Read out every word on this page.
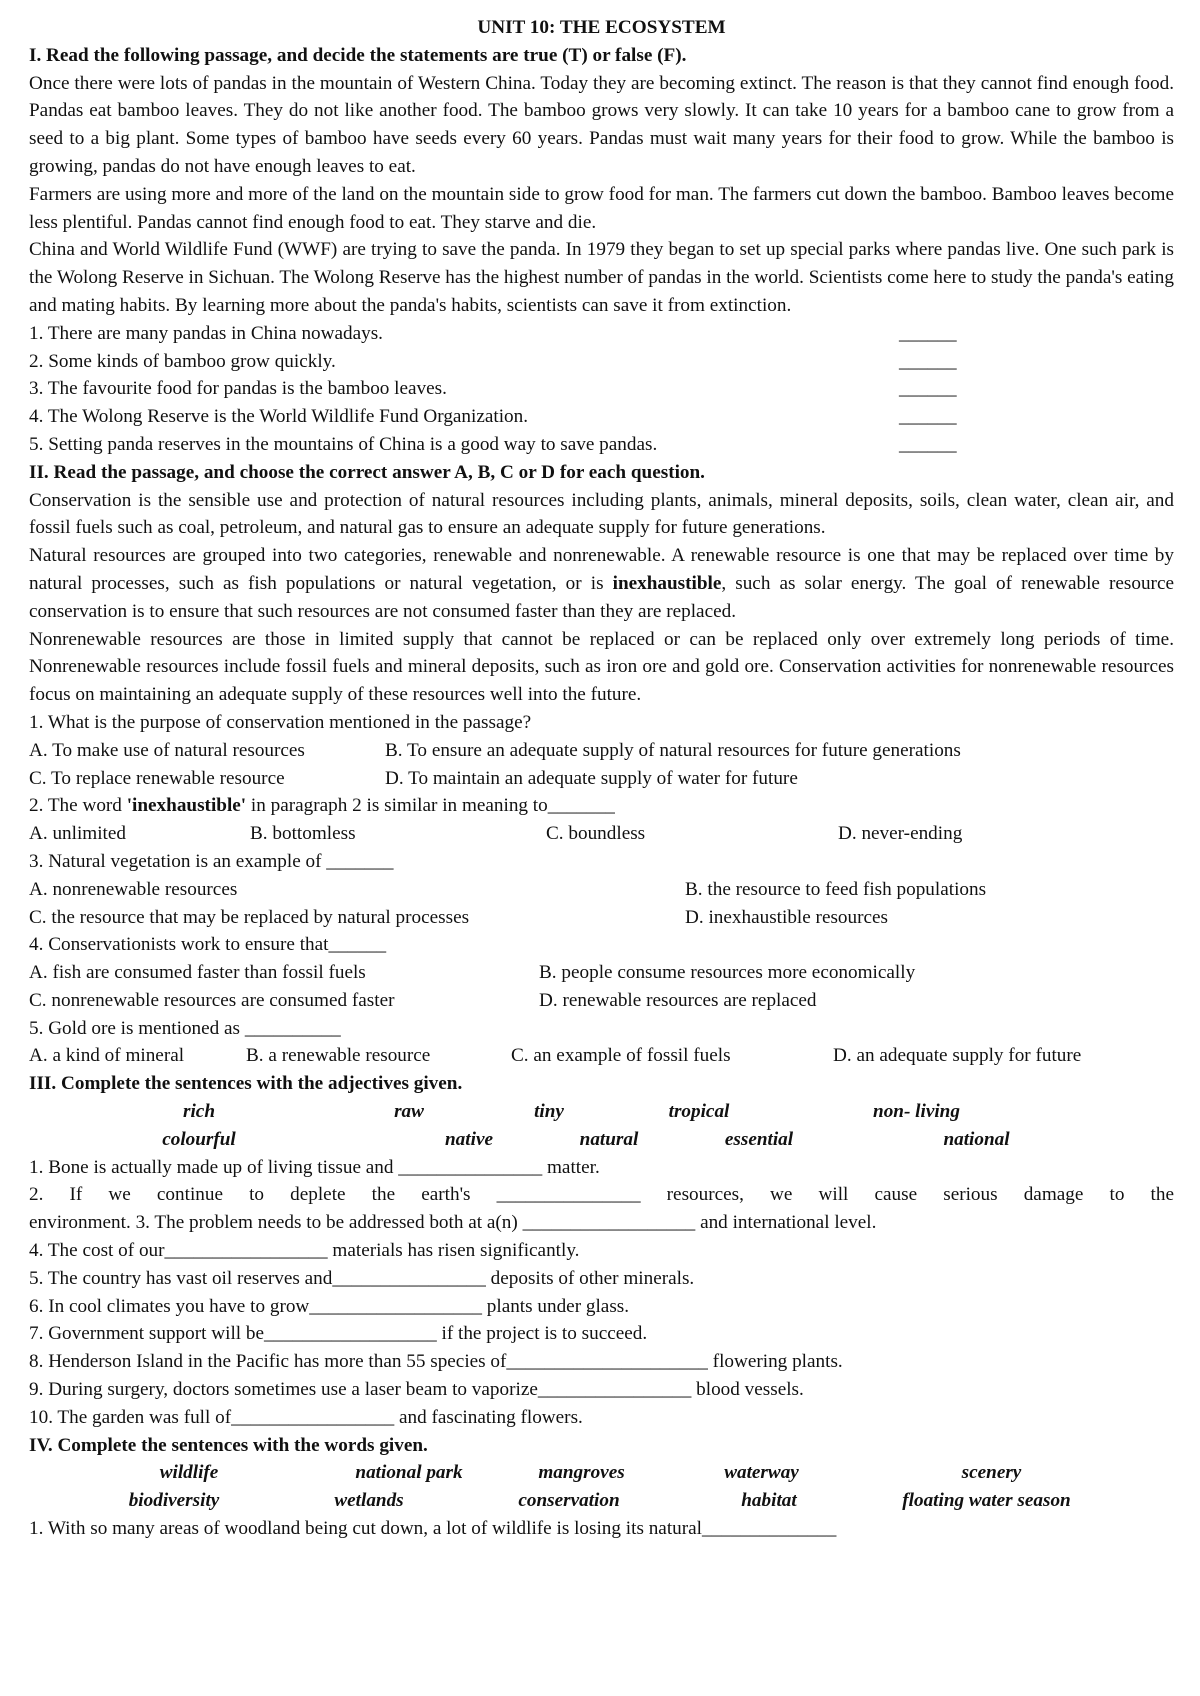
UNIT 10: THE ECOSYSTEM
I. Read the following passage, and decide the statements are true (T) or false (F).
Once there were lots of pandas in the mountain of Western China. Today they are becoming extinct. The reason is that they cannot find enough food. Pandas eat bamboo leaves. They do not like another food. The bamboo grows very slowly. It can take 10 years for a bamboo cane to grow from a seed to a big plant. Some types of bamboo have seeds every 60 years. Pandas must wait many years for their food to grow. While the bamboo is growing, pandas do not have enough leaves to eat.
Farmers are using more and more of the land on the mountain side to grow food for man. The farmers cut down the bamboo. Bamboo leaves become less plentiful. Pandas cannot find enough food to eat. They starve and die.
China and World Wildlife Fund (WWF) are trying to save the panda. In 1979 they began to set up special parks where pandas live. One such park is the Wolong Reserve in Sichuan. The Wolong Reserve has the highest number of pandas in the world. Scientists come here to study the panda's eating and mating habits. By learning more about the panda's habits, scientists can save it from extinction.
1. There are many pandas in China nowadays.	______
2. Some kinds of bamboo grow quickly.	______
3. The favourite food for pandas is the bamboo leaves.	______
4. The Wolong Reserve is the World Wildlife Fund Organization.	______
5. Setting panda reserves in the mountains of China is a good way to save pandas.	______
II. Read the passage, and choose the correct answer A, B, C or D for each question.
Conservation is the sensible use and protection of natural resources including plants, animals, mineral deposits, soils, clean water, clean air, and fossil fuels such as coal, petroleum, and natural gas to ensure an adequate supply for future generations.
Natural resources are grouped into two categories, renewable and nonrenewable. A renewable resource is one that may be replaced over time by natural processes, such as fish populations or natural vegetation, or is inexhaustible, such as solar energy. The goal of renewable resource conservation is to ensure that such resources are not consumed faster than they are replaced.
Nonrenewable resources are those in limited supply that cannot be replaced or can be replaced only over extremely long periods of time. Nonrenewable resources include fossil fuels and mineral deposits, such as iron ore and gold ore. Conservation activities for nonrenewable resources focus on maintaining an adequate supply of these resources well into the future.
1. What is the purpose of conservation mentioned in the passage?
A. To make use of natural resources	B. To ensure an adequate supply of natural resources for future generations
C. To replace renewable resource	D. To maintain an adequate supply of water for future
2. The word 'inexhaustible' in paragraph 2 is similar in meaning to_______
A. unlimited	B. bottomless	C. boundless	D. never-ending
3. Natural vegetation is an example of _______
A. nonrenewable resources	B. the resource to feed fish populations
C. the resource that may be replaced by natural processes	D. inexhaustible resources
4. Conservationists work to ensure that______
A. fish are consumed faster than fossil fuels	B. people consume resources more economically
C. nonrenewable resources are consumed faster	D. renewable resources are replaced
5. Gold ore is mentioned as __________
A. a kind of mineral	B. a renewable resource	C. an example of fossil fuels	D. an adequate supply for future
III. Complete the sentences with the adjectives given.
rich	raw	tiny	tropical	non- living
colourful	native	natural	essential	national
1. Bone is actually made up of living tissue and _______________ matter.
2. If we continue to deplete the earth's _______________ resources, we will cause serious damage to the
environment. 3. The problem needs to be addressed both at a(n) __________________ and international level.
4. The cost of our_________________ materials has risen significantly.
5. The country has vast oil reserves and________________ deposits of other minerals.
6. In cool climates you have to grow__________________ plants under glass.
7. Government support will be__________________ if the project is to succeed.
8. Henderson Island in the Pacific has more than 55 species of_____________________ flowering plants.
9. During surgery, doctors sometimes use a laser beam to vaporize________________ blood vessels.
10. The garden was full of_________________ and fascinating flowers.
IV. Complete the sentences with the words given.
wildlife	national park	mangroves	waterway	scenery
biodiversity	wetlands	conservation	habitat	floating water season
1. With so many areas of woodland being cut down, a lot of wildlife is losing its natural______________
